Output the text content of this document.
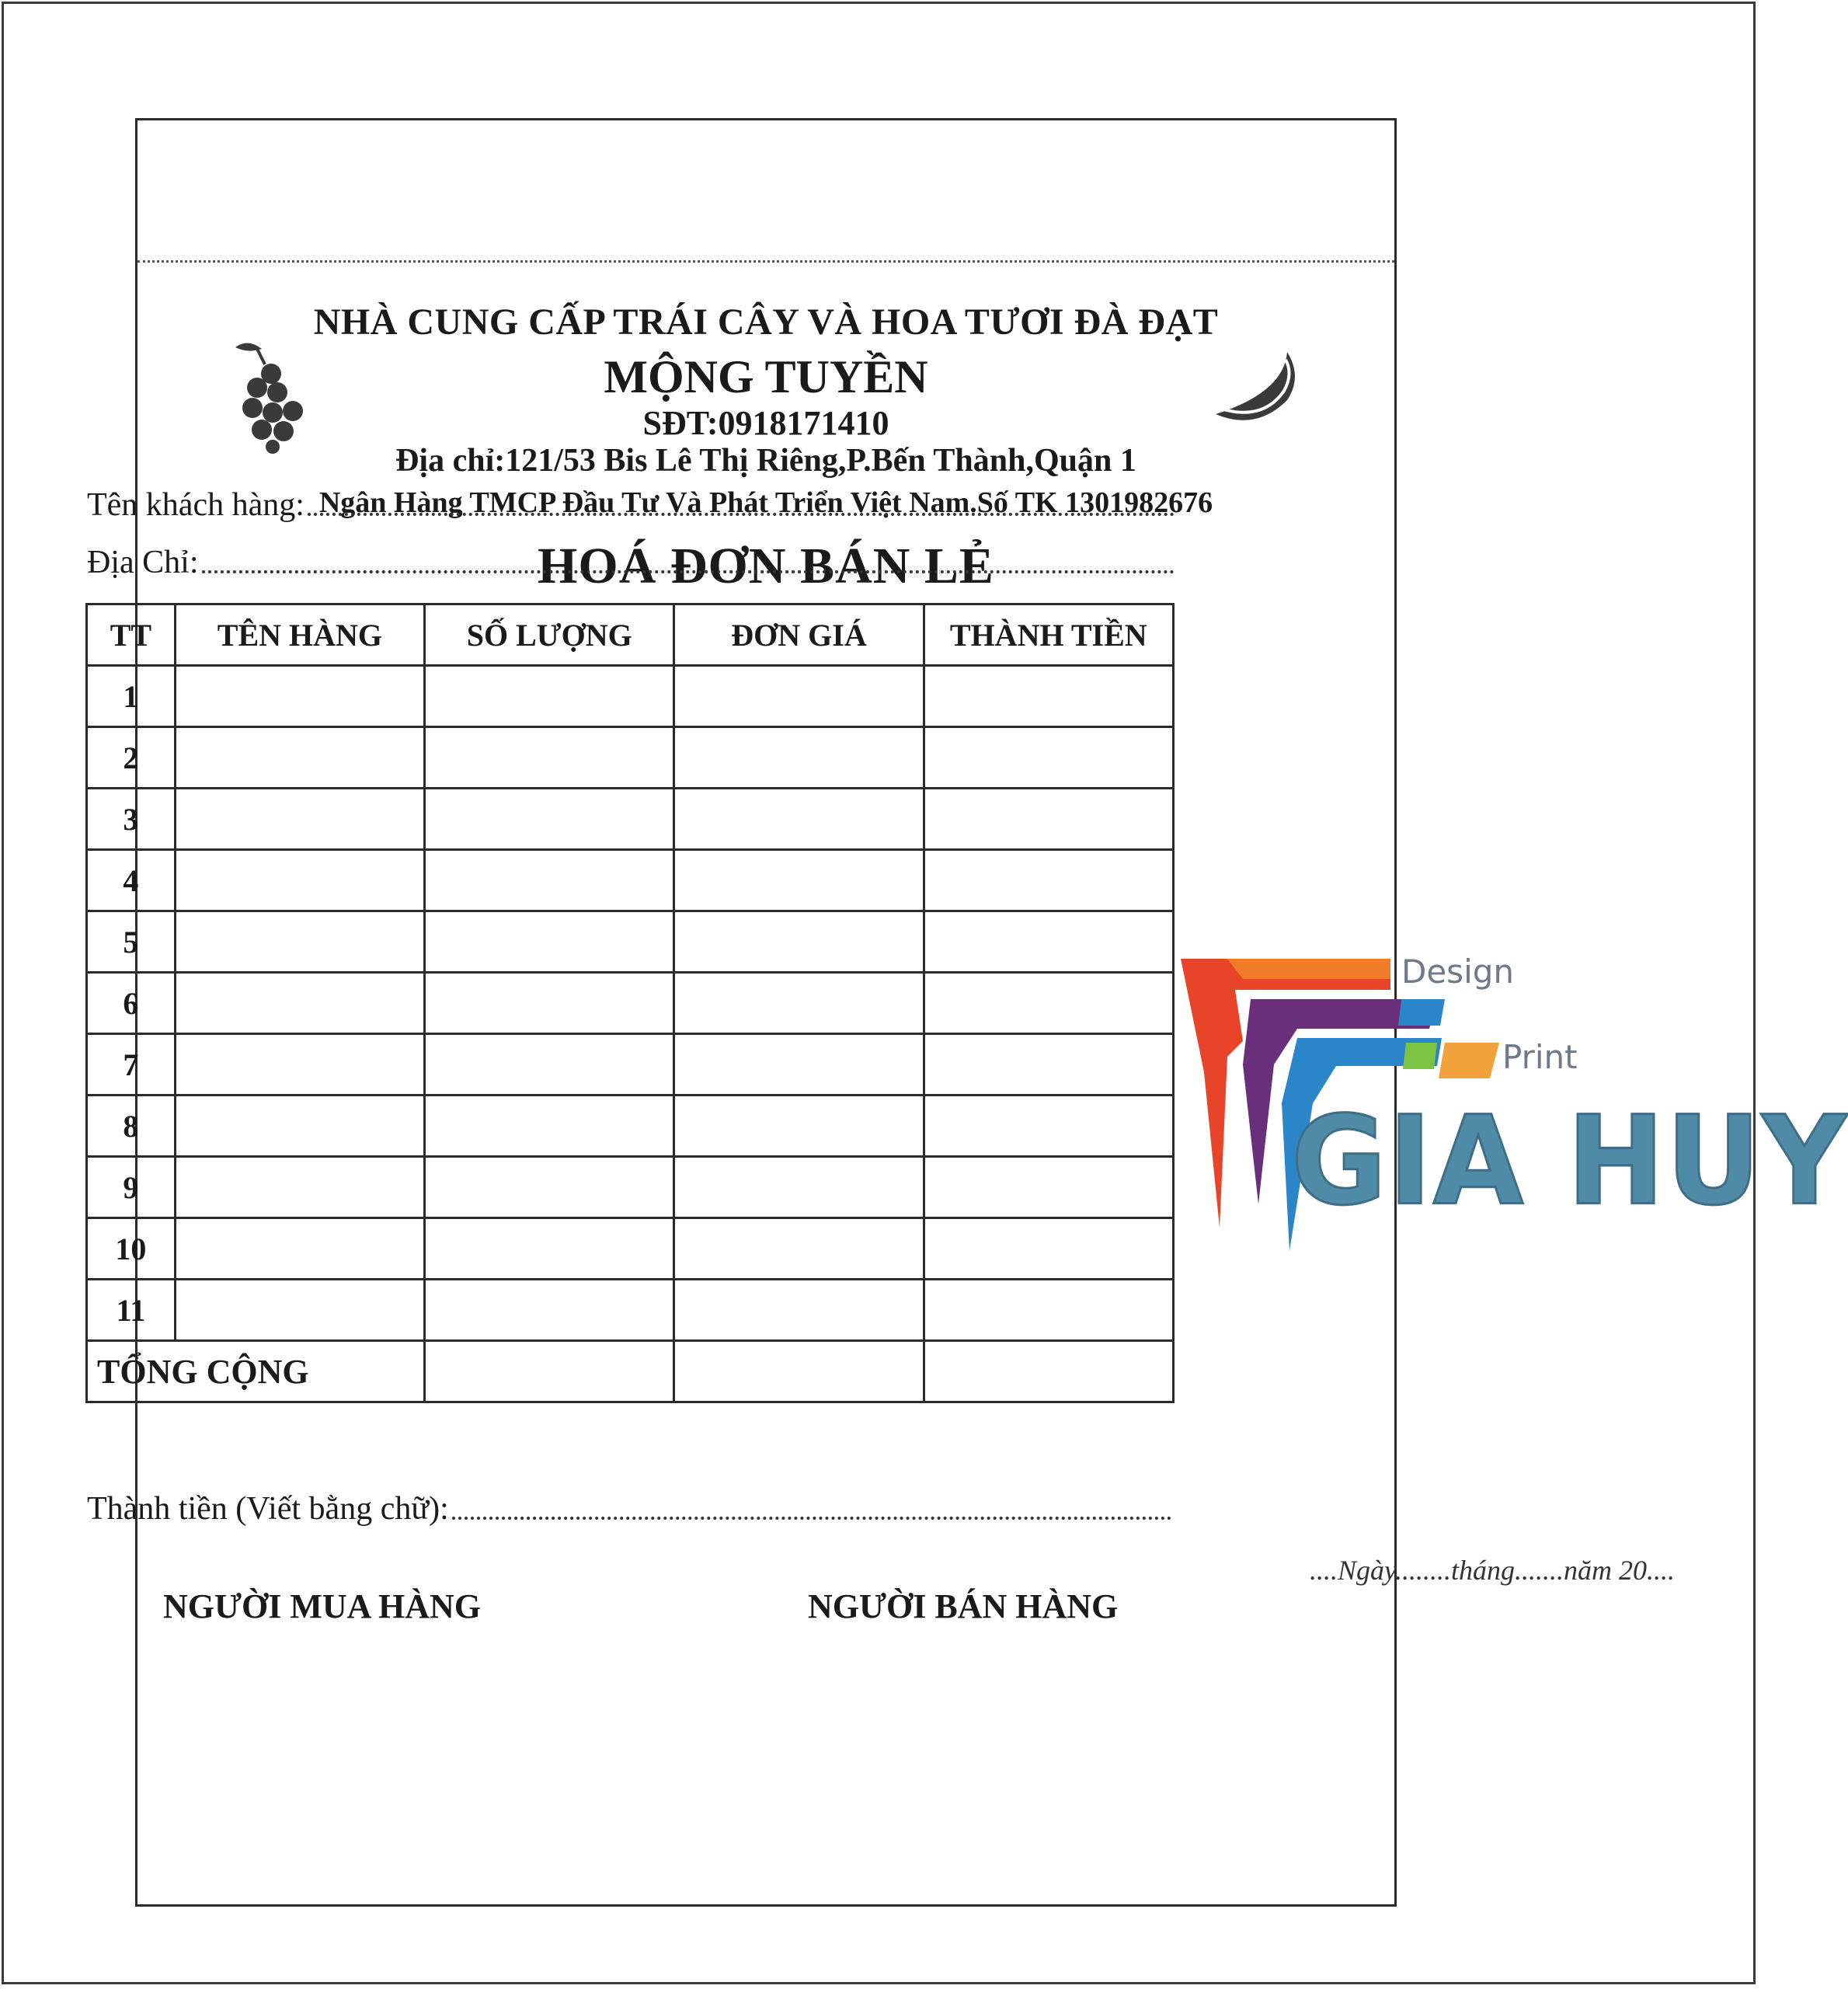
NHÀ CUNG CẤP TRÁI CÂY VÀ HOA TƯƠI ĐÀ ĐẠT
MỘNG TUYỀN
SĐT:0918171410
Địa chỉ:121/53 Bis Lê Thị Riêng,P.Bến Thành,Quận 1
Ngân Hàng TMCP Đầu Tư Và Phát Triển Việt Nam.Số TK 1301982676
HOÁ ĐƠN BÁN LẺ
Tên khách hàng:
Địa Chỉ:
TT	TÊN HÀNG	SỐ LƯỢNG	ĐƠN GIÁ	THÀNH TIỀN
1				
2				
3				
4				
5				
6				
7				
8				
9				
10				
11				
TỔNG CỘNG				
Thành tiền (Viết bằng chữ):
....Ngày........tháng.......năm 20....
NGƯỜI MUA HÀNG	NGƯỜI BÁN HÀNG
Design
Print
GIA HUY
